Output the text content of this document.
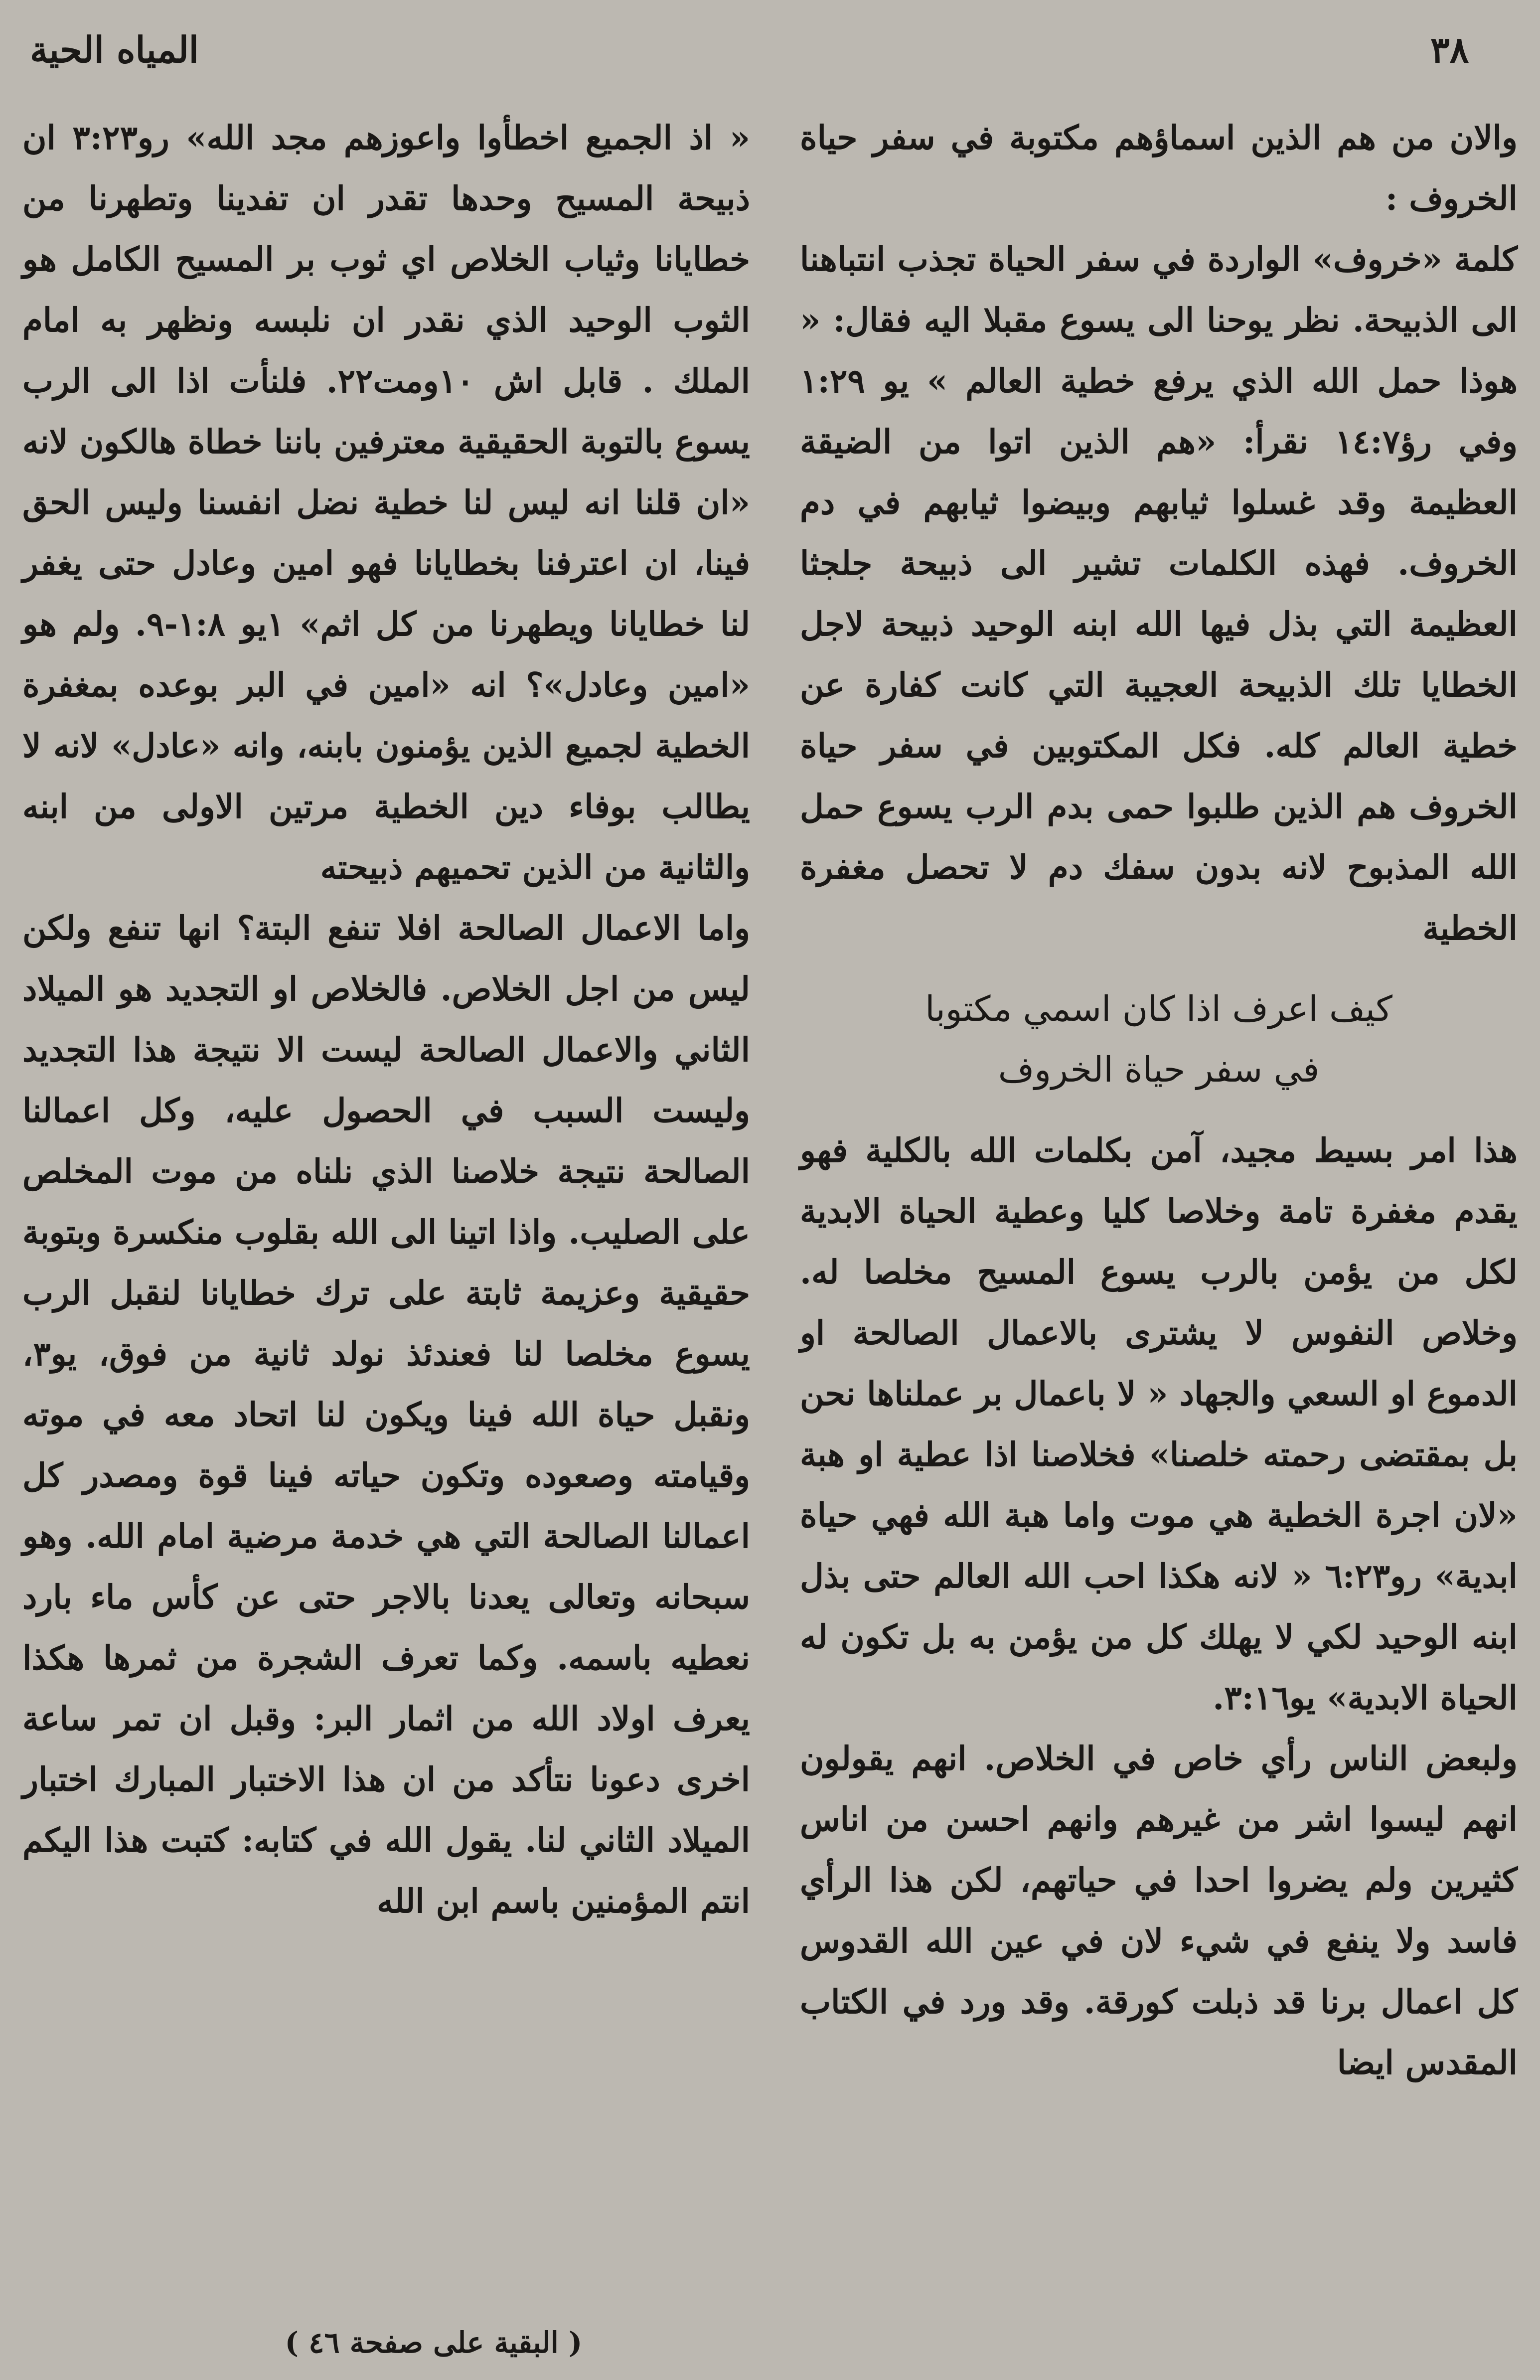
٣٨
المياه الحية

والان من هم الذين اسماؤهم مكتوبة في سفر حياة الخروف :

كلمة «خروف» الواردة في سفر الحياة تجذب انتباهنا الى الذبيحة. نظر يوحنا الى يسوع مقبلا اليه فقال: « هوذا حمل الله الذي يرفع خطية العالم » يو ١:٢٩ وفي رؤ١٤:٧ نقرأ: «هم الذين اتوا من الضيقة العظيمة وقد غسلوا ثيابهم وبيضوا ثيابهم في دم الخروف. فهذه الكلمات تشير الى ذبيحة جلجثا العظيمة التي بذل فيها الله ابنه الوحيد ذبيحة لاجل الخطايا تلك الذبيحة العجيبة التي كانت كفارة عن خطية العالم كله. فكل المكتوبين في سفر حياة الخروف هم الذين طلبوا حمى بدم الرب يسوع حمل الله المذبوح لانه بدون سفك دم لا تحصل مغفرة الخطية

كيف اعرف اذا كان اسمي مكتوبا
في سفر حياة الخروف

هذا امر بسيط مجيد، آمن بكلمات الله بالكلية فهو يقدم مغفرة تامة وخلاصا كليا وعطية الحياة الابدية لكل من يؤمن بالرب يسوع المسيح مخلصا له. وخلاص النفوس لا يشترى بالاعمال الصالحة او الدموع او السعي والجهاد « لا باعمال بر عملناها نحن بل بمقتضى رحمته خلصنا» فخلاصنا اذا عطية او هبة «لان اجرة الخطية هي موت واما هبة الله فهي حياة ابدية» رو٦:٢٣ « لانه هكذا احب الله العالم حتى بذل ابنه الوحيد لكي لا يهلك كل من يؤمن به بل تكون له الحياة الابدية» يو٣:١٦.

ولبعض الناس رأي خاص في الخلاص. انهم يقولون انهم ليسوا اشر من غيرهم وانهم احسن من اناس كثيرين ولم يضروا احدا في حياتهم، لكن هذا الرأي فاسد ولا ينفع في شيء لان في عين الله القدوس كل اعمال برنا قد ذبلت كورقة. وقد ورد في الكتاب المقدس ايضا

« اذ الجميع اخطأوا واعوزهم مجد الله» رو٣:٢٣ ان ذبيحة المسيح وحدها تقدر ان تفدينا وتطهرنا من خطايانا وثياب الخلاص اي ثوب بر المسيح الكامل هو الثوب الوحيد الذي نقدر ان نلبسه ونظهر به امام الملك . قابل اش ١٠ومت٢٢. فلنأت اذا الى الرب يسوع بالتوبة الحقيقية معترفين باننا خطاة هالكون لانه «ان قلنا انه ليس لنا خطية نضل انفسنا وليس الحق فينا، ان اعترفنا بخطايانا فهو امين وعادل حتى يغفر لنا خطايانا ويطهرنا من كل اثم» ١يو ١:٨-٩. ولم هو «امين وعادل»؟ انه «امين في البر بوعده بمغفرة الخطية لجميع الذين يؤمنون بابنه، وانه «عادل» لانه لا يطالب بوفاء دين الخطية مرتين الاولى من ابنه والثانية من الذين تحميهم ذبيحته

واما الاعمال الصالحة افلا تنفع البتة؟ انها تنفع ولكن ليس من اجل الخلاص. فالخلاص او التجديد هو الميلاد الثاني والاعمال الصالحة ليست الا نتيجة هذا التجديد وليست السبب في الحصول عليه، وكل اعمالنا الصالحة نتيجة خلاصنا الذي نلناه من موت المخلص على الصليب. واذا اتينا الى الله بقلوب منكسرة وبتوبة حقيقية وعزيمة ثابتة على ترك خطايانا لنقبل الرب يسوع مخلصا لنا فعندئذ نولد ثانية من فوق، يو٣، ونقبل حياة الله فينا ويكون لنا اتحاد معه في موته وقيامته وصعوده وتكون حياته فينا قوة ومصدر كل اعمالنا الصالحة التي هي خدمة مرضية امام الله. وهو سبحانه وتعالى يعدنا بالاجر حتى عن كأس ماء بارد نعطيه باسمه. وكما تعرف الشجرة من ثمرها هكذا يعرف اولاد الله من اثمار البر: وقبل ان تمر ساعة اخرى دعونا نتأكد من ان هذا الاختبار المبارك اختبار الميلاد الثاني لنا. يقول الله في كتابه: كتبت هذا اليكم انتم المؤمنين باسم ابن الله

( البقية على صفحة ٤٦ )
